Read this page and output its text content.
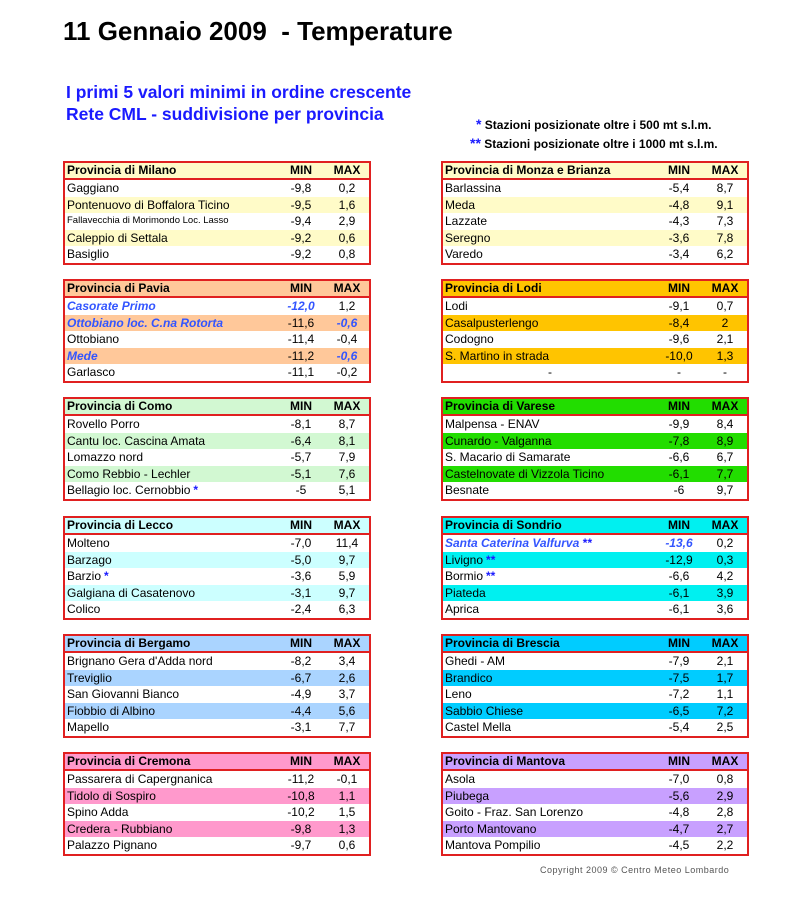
11 Gennaio 2009  - Temperature
I primi 5 valori minimi in ordine crescente
Rete CML - suddivisione per provincia	* Stazioni posizionate oltre i 500 mt s.l.m.
** Stazioni posizionate oltre i 1000 mt s.l.m.
Provincia di Milano	MIN	MAX
Gaggiano	-9,8	0,2
Pontenuovo di Boffalora Ticino	-9,5	1,6
Fallavecchia di Morimondo Loc. Lasso	-9,4	2,9
Caleppio di Settala	-9,2	0,6
Basiglio	-9,2	0,8
Provincia di Monza e Brianza	MIN	MAX
Barlassina	-5,4	8,7
Meda	-4,8	9,1
Lazzate	-4,3	7,3
Seregno	-3,6	7,8
Varedo	-3,4	6,2
Provincia di Pavia	MIN	MAX
Casorate Primo	-12,0	1,2
Ottobiano loc. C.na Rotorta	-11,6	-0,6
Ottobiano	-11,4	-0,4
Mede	-11,2	-0,6
Garlasco	-11,1	-0,2
Provincia di Lodi	MIN	MAX
Lodi	-9,1	0,7
Casalpusterlengo	-8,4	2
Codogno	-9,6	2,1
S. Martino in strada	-10,0	1,3
-	-	-
Provincia di Como	MIN	MAX
Rovello Porro	-8,1	8,7
Cantu loc. Cascina Amata	-6,4	8,1
Lomazzo nord	-5,7	7,9
Como Rebbio - Lechler	-5,1	7,6
Bellagio loc. Cernobbio *	-5	5,1
Provincia di Varese	MIN	MAX
Malpensa - ENAV	-9,9	8,4
Cunardo - Valganna	-7,8	8,9
S. Macario di Samarate	-6,6	6,7
Castelnovate di Vizzola Ticino	-6,1	7,7
Besnate	-6	9,7
Provincia di Lecco	MIN	MAX
Molteno	-7,0	11,4
Barzago	-5,0	9,7
Barzio *	-3,6	5,9
Galgiana di Casatenovo	-3,1	9,7
Colico	-2,4	6,3
Provincia di Sondrio	MIN	MAX
Santa Caterina Valfurva **	-13,6	0,2
Livigno **	-12,9	0,3
Bormio **	-6,6	4,2
Piateda	-6,1	3,9
Aprica	-6,1	3,6
Provincia di Bergamo	MIN	MAX
Brignano Gera d'Adda nord	-8,2	3,4
Treviglio	-6,7	2,6
San Giovanni Bianco	-4,9	3,7
Fiobbio di Albino	-4,4	5,6
Mapello	-3,1	7,7
Provincia di Brescia	MIN	MAX
Ghedi - AM	-7,9	2,1
Brandico	-7,5	1,7
Leno	-7,2	1,1
Sabbio Chiese	-6,5	7,2
Castel Mella	-5,4	2,5
Provincia di Cremona	MIN	MAX
Passarera di Capergnanica	-11,2	-0,1
Tidolo di Sospiro	-10,8	1,1
Spino Adda	-10,2	1,5
Credera - Rubbiano	-9,8	1,3
Palazzo Pignano	-9,7	0,6
Provincia di Mantova	MIN	MAX
Asola	-7,0	0,8
Piubega	-5,6	2,9
Goito - Fraz. San Lorenzo	-4,8	2,8
Porto Mantovano	-4,7	2,7
Mantova Pompilio	-4,5	2,2
Copyright 2009 © Centro Meteo Lombardo
